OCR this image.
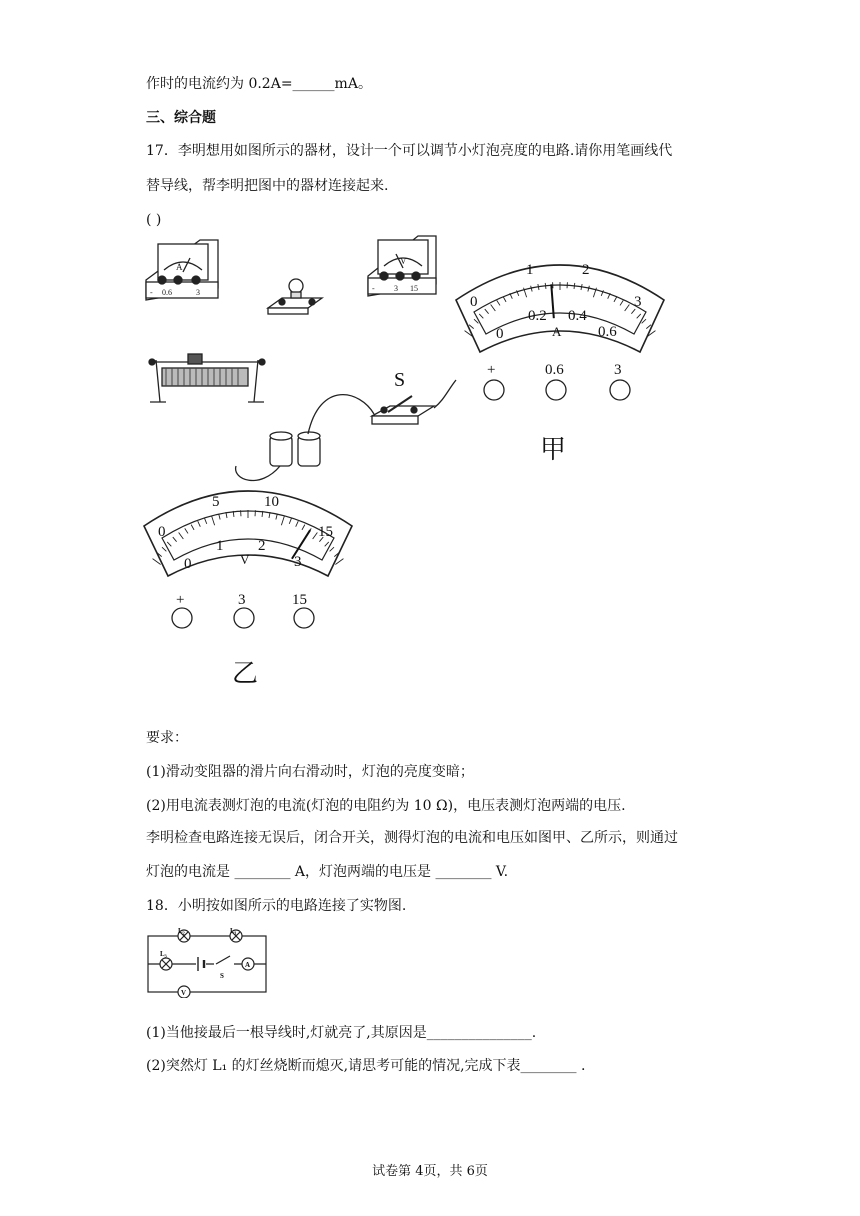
作时的电流约为 0.2A=______mA。
三、综合题
17．李明想用如图所示的器材，设计一个可以调节小灯泡亮度的电路.请你用笔画线代
替导线，帮李明把图中的器材连接起来.
( )
A
- 0.6	3
V
- 3 15
S
0
1	2
3
0
0.2 0.4
0.6
A
+	0.6	3
甲
0
5	10
15
0
1 2
3
V
+	3	15
乙
要求：
(1)滑动变阻器的滑片向右滑动时，灯泡的亮度变暗；
(2)用电流表测灯泡的电流(灯泡的电阻约为 10 Ω)，电压表测灯泡两端的电压.
李明检查电路连接无误后，闭合开关，测得灯泡的电流和电压如图甲、乙所示，则通过
灯泡的电流是 ________ A，灯泡两端的电压是 ________ V.
18．小明按如图所示的电路连接了实物图.
L₂	L₁
L₃
A
V
S
(1)当他接最后一根导线时,灯就亮了,其原因是_______________.
(2)突然灯 L₁ 的灯丝烧断而熄灭,请思考可能的情况,完成下表________ .
试卷第 4页，共 6页
